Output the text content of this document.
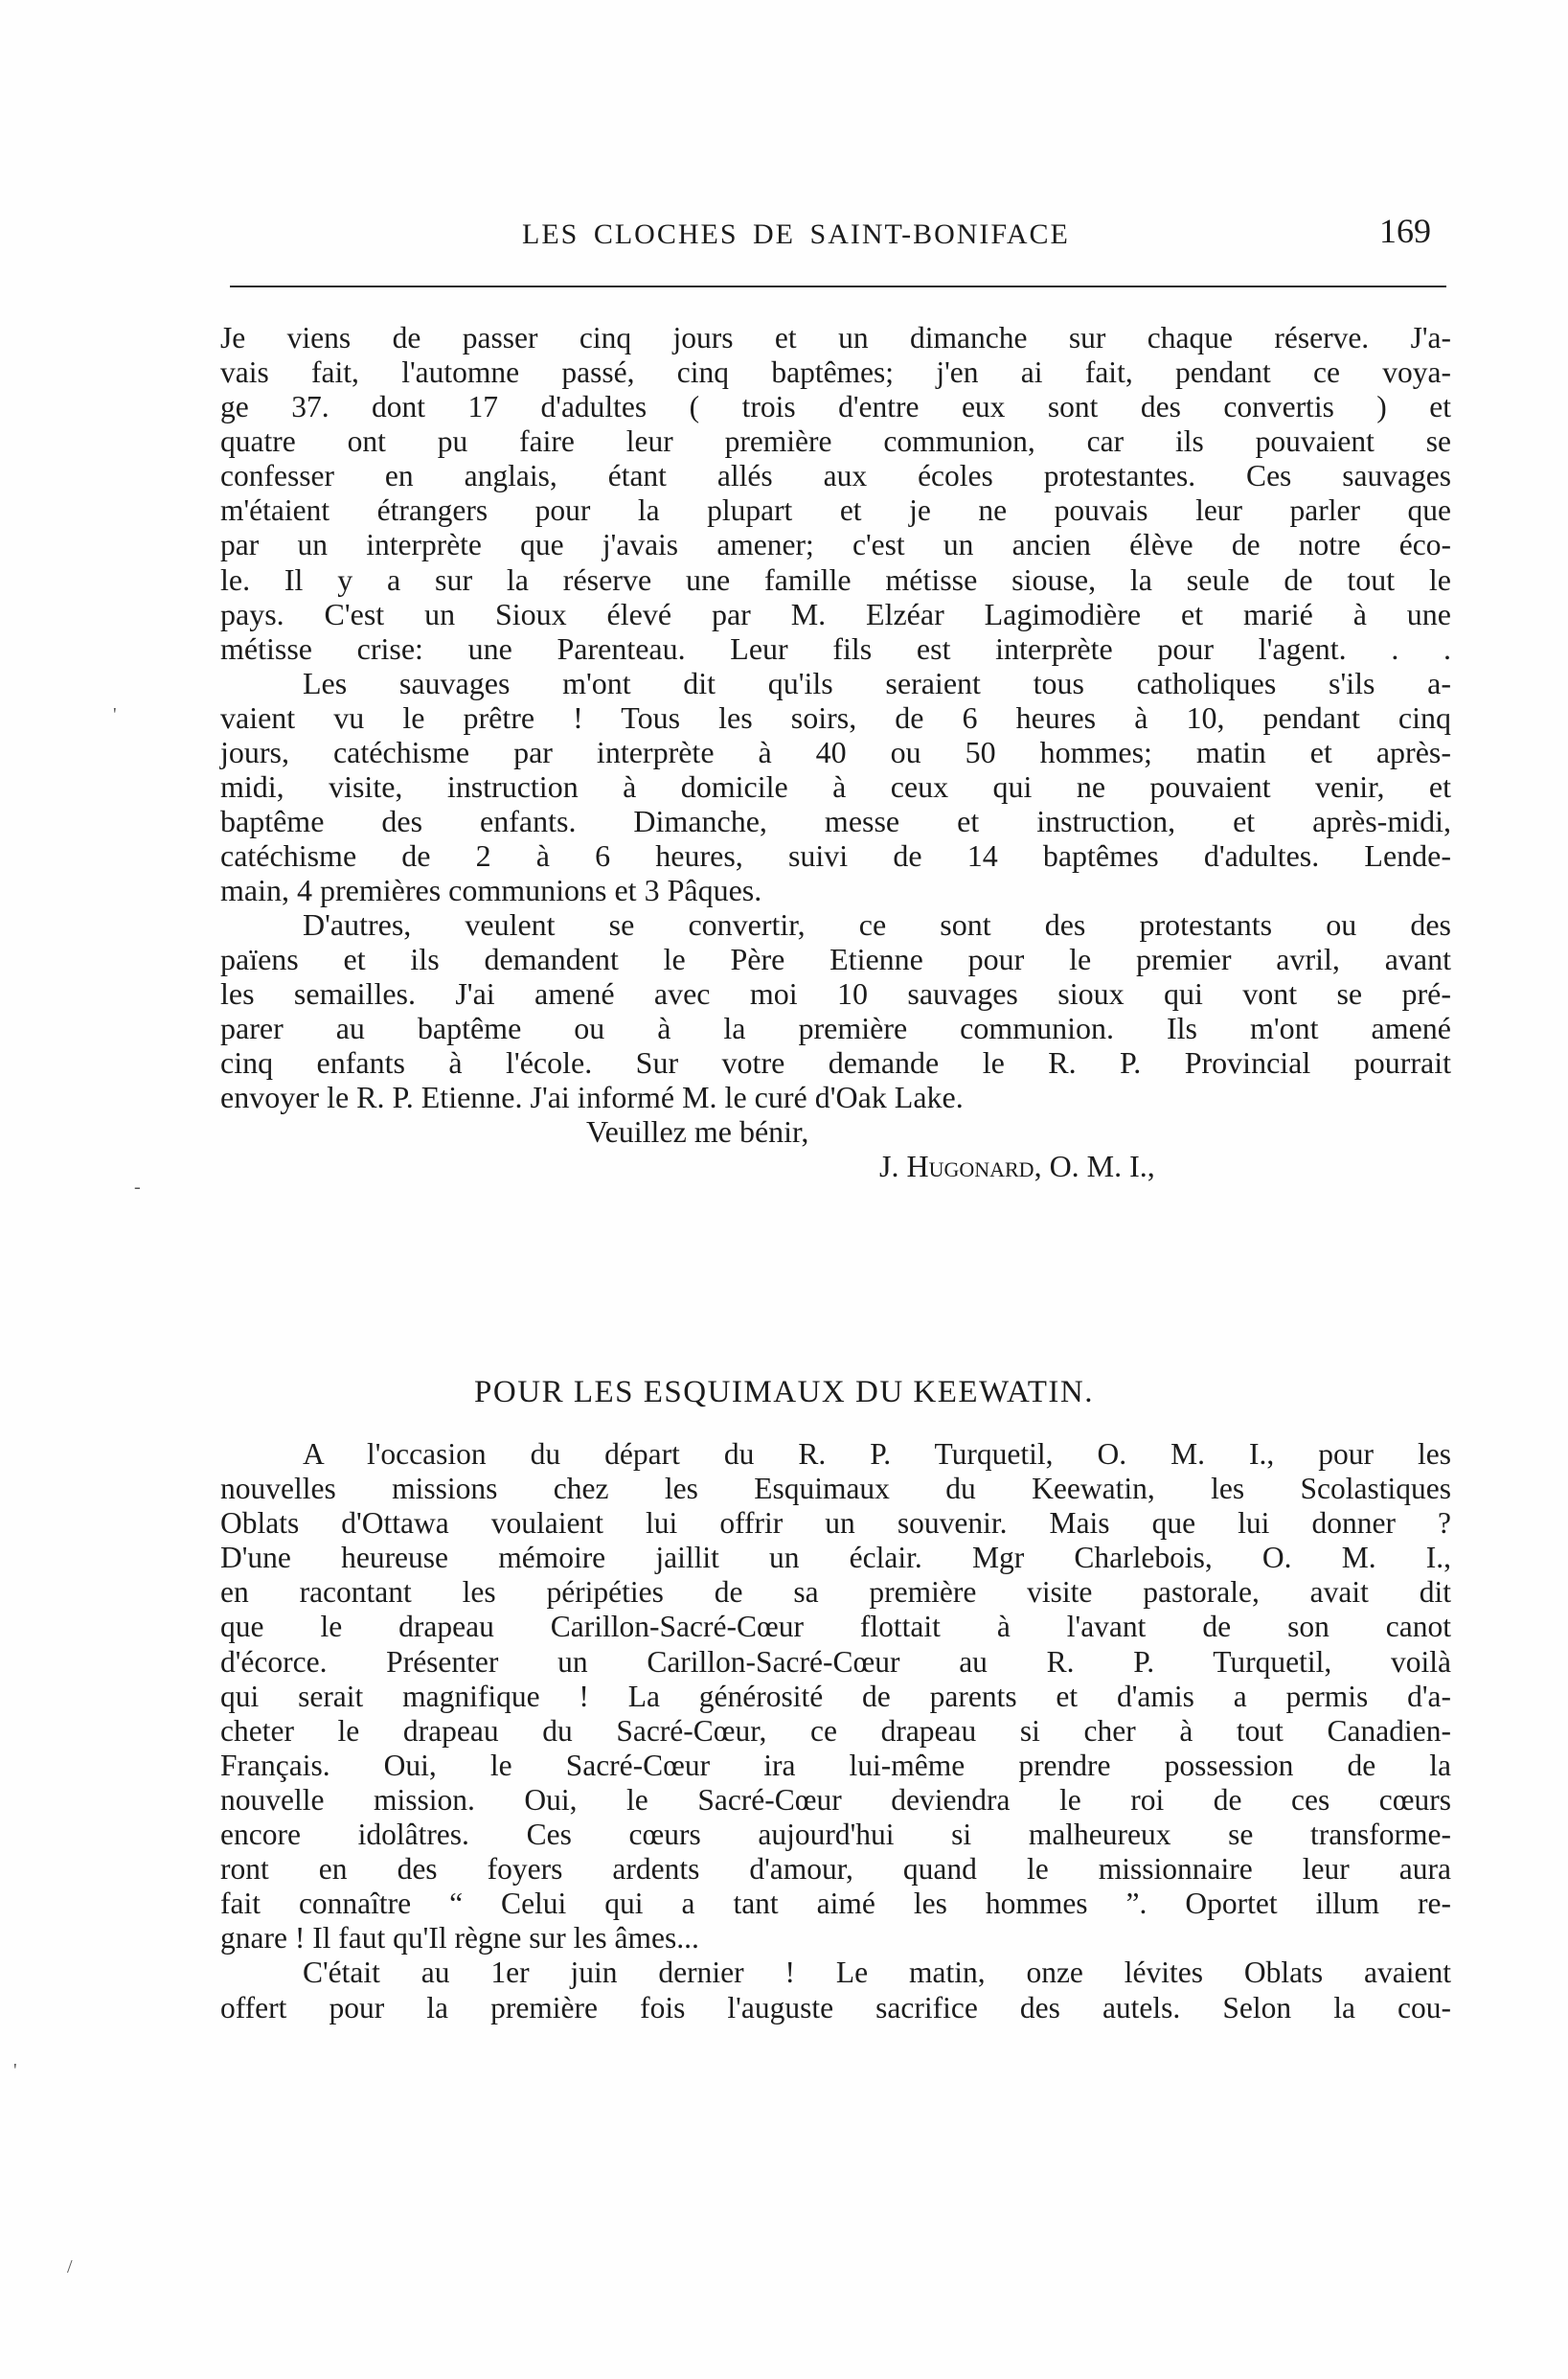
LES CLOCHES DE SAINT-BONIFACE	169
Je viens de passer cinq jours et un dimanche sur chaque réserve. J'a-
vais fait, l'automne passé, cinq baptêmes; j'en ai fait, pendant ce voya-
ge 37. dont 17 d'adultes ( trois d'entre eux sont des convertis ) et
quatre ont pu faire leur première communion, car ils pouvaient se
confesser en anglais, étant allés aux écoles protestantes. Ces sauvages
m'étaient étrangers pour la plupart et je ne pouvais leur parler que
par un interprète que j'avais amener; c'est un ancien élève de notre éco-
le. Il y a sur la réserve une famille métisse siouse, la seule de tout le
pays. C'est un Sioux élevé par M. Elzéar Lagimodière et marié à une
métisse crise: une Parenteau. Leur fils est interprète pour l'agent. . .
Les sauvages m'ont dit qu'ils seraient tous catholiques s'ils a-
vaient vu le prêtre ! Tous les soirs, de 6 heures à 10, pendant cinq
jours, catéchisme par interprète à 40 ou 50 hommes; matin et après-
midi, visite, instruction à domicile à ceux qui ne pouvaient venir, et
baptême des enfants. Dimanche, messe et instruction, et après-midi,
catéchisme de 2 à 6 heures, suivi de 14 baptêmes d'adultes. Lende-
main, 4 premières communions et 3 Pâques.
D'autres, veulent se convertir, ce sont des protestants ou des
païens et ils demandent le Père Etienne pour le premier avril, avant
les semailles. J'ai amené avec moi 10 sauvages sioux qui vont se pré-
parer au baptême ou à la première communion. Ils m'ont amené
cinq enfants à l'école. Sur votre demande le R. P. Provincial pourrait
envoyer le R. P. Etienne. J'ai informé M. le curé d'Oak Lake.
Veuillez me bénir,
J. Hugonard, O. M. I.,
POUR LES ESQUIMAUX DU KEEWATIN.
A l'occasion du départ du R. P. Turquetil, O. M. I., pour les
nouvelles missions chez les Esquimaux du Keewatin, les Scolastiques
Oblats d'Ottawa voulaient lui offrir un souvenir. Mais que lui donner ?
D'une heureuse mémoire jaillit un éclair. Mgr Charlebois, O. M. I.,
en racontant les péripéties de sa première visite pastorale, avait dit
que le drapeau Carillon-Sacré-Cœur flottait à l'avant de son canot
d'écorce. Présenter un Carillon-Sacré-Cœur au R. P. Turquetil, voilà
qui serait magnifique ! La générosité de parents et d'amis a permis d'a-
cheter le drapeau du Sacré-Cœur, ce drapeau si cher à tout Canadien-
Français. Oui, le Sacré-Cœur ira lui-même prendre possession de la
nouvelle mission. Oui, le Sacré-Cœur deviendra le roi de ces cœurs
encore idolâtres. Ces cœurs aujourd'hui si malheureux se transforme-
ront en des foyers ardents d'amour, quand le missionnaire leur aura
fait connaître “ Celui qui a tant aimé les hommes ”. Oportet illum re-
gnare ! Il faut qu'Il règne sur les âmes...
C'était au 1er juin dernier ! Le matin, onze lévites Oblats avaient
offert pour la première fois l'auguste sacrifice des autels. Selon la cou-
'
-
'
/
